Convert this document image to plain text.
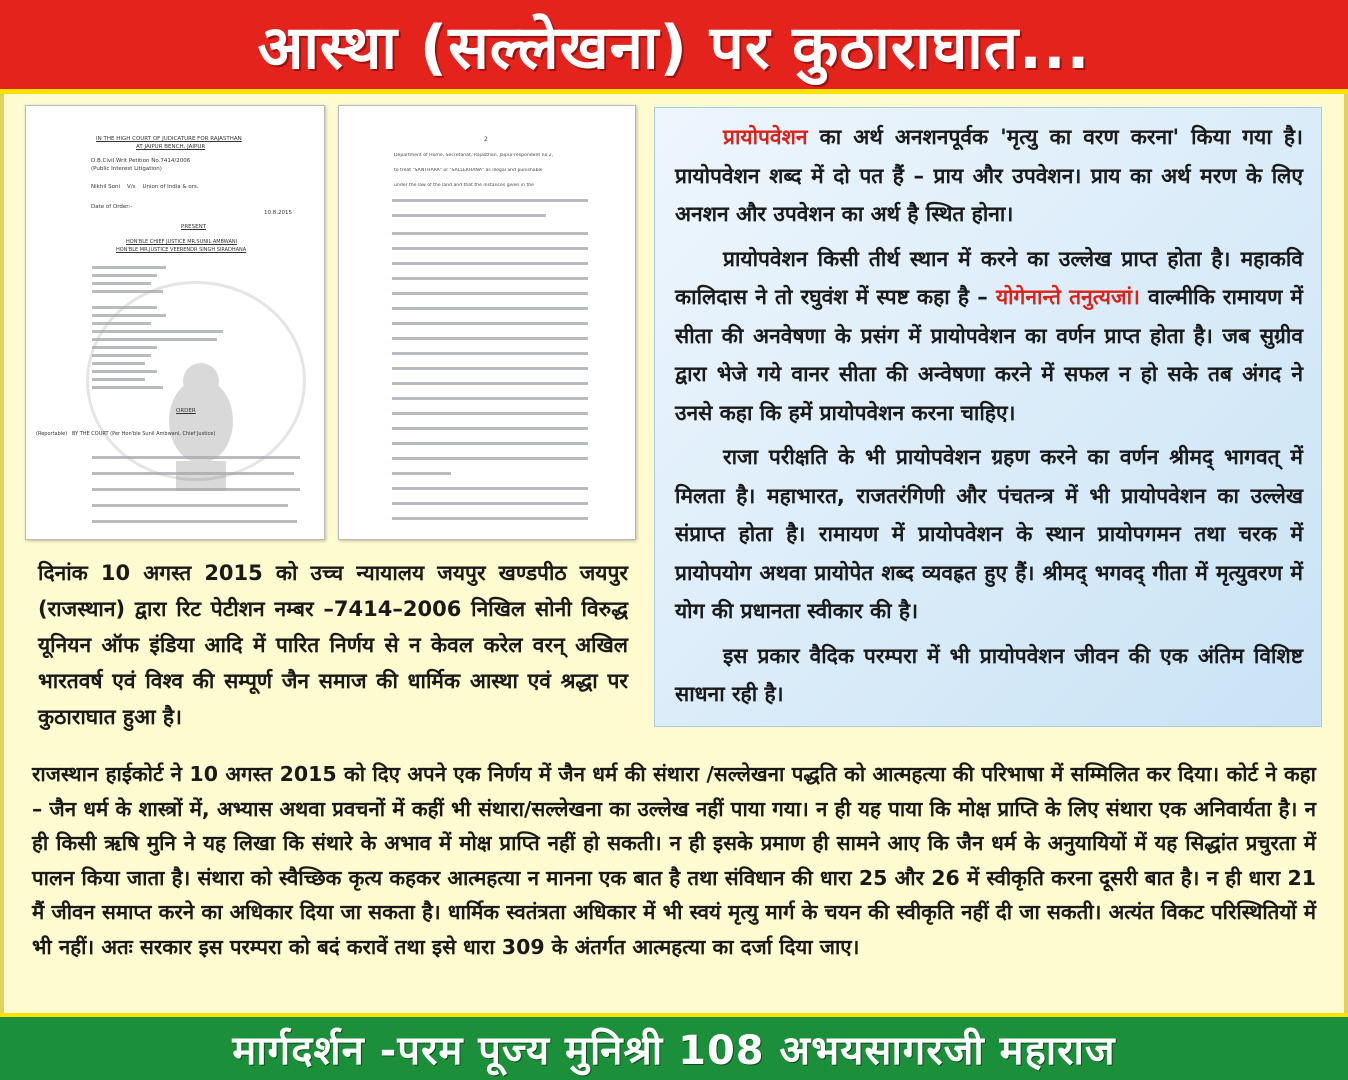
आस्था (सल्लेखना) पर कुठाराघात...
IN THE HIGH COURT OF JUDICATURE FOR RAJASTHAN
AT JAIPUR BENCH, JAIPUR
D.B.Civil Writ Petition No.7414/2006
(Public Interest Litigation)
Nikhil Soni    V/s    Union of India & ors.
Date of Order:-
10.8.2015
PRESENT
HON'BLE CHIEF JUSTICE MR.SUNIL AMBWANI
HON'BLE MR.JUSTICE VEERENDR SINGH SIRADHANA
ORDER
(Reportable)   BY THE COURT (Per Hon'ble Sunil Ambwani, Chief Justice)
2
Department of Home, Secretariat, Rajasthan, Jaipur-respondent no.2,
to treat "SANTHARA" or "SALLEKHANA" as illegal and punishable
under the law of the land and that the instances given in the

दिनांक 10 अगस्त 2015 को उच्च न्यायालय जयपुर खण्डपीठ जयपुर (राजस्थान) द्वारा रिट पेटीशन नम्बर –7414–2006 निखिल सोनी विरुद्ध यूनियन ऑफ इंडिया आदि में पारित निर्णय से न केवल करेल वरन् अखिल भारतवर्ष एवं विश्व की सम्पूर्ण जैन समाज की धार्मिक आस्था एवं श्रद्धा पर कुठाराघात हुआ है।

प्रायोपवेशन का अर्थ अनशनपूर्वक 'मृत्यु का वरण करना' किया गया है। प्रायोपवेशन शब्द में दो पत हैं – प्राय और उपवेशन। प्राय का अर्थ मरण के लिए अनशन और उपवेशन का अर्थ है स्थित होना।

प्रायोपवेशन किसी तीर्थ स्थान में करने का उल्लेख प्राप्त होता है। महाकवि कालिदास ने तो रघुवंश में स्पष्ट कहा है – योगेनान्ते तनुत्यजां। वाल्मीकि रामायण में सीता की अनवेषणा के प्रसंग में प्रायोपवेशन का वर्णन प्राप्त होता है। जब सुग्रीव द्वारा भेजे गये वानर सीता की अन्वेषणा करने में सफल न हो सके तब अंगद ने उनसे कहा कि हमें प्रायोपवेशन करना चाहिए।

राजा परीक्षति के भी प्रायोपवेशन ग्रहण करने का वर्णन श्रीमद् भागवत् में मिलता है। महाभारत, राजतरंगिणी और पंचतन्त्र में भी प्रायोपवेशन का उल्लेख संप्राप्त होता है। रामायण में प्रायोपवेशन के स्थान प्रायोपगमन तथा चरक में प्रायोपयोग अथवा प्रायोपेत शब्द व्यवह्रत हुए हैं। श्रीमद् भगवद् गीता में मृत्युवरण में योग की प्रधानता स्वीकार की है।

इस प्रकार वैदिक परम्परा में भी प्रायोपवेशन जीवन की एक अंतिम विशिष्ट साधना रही है।

राजस्थान हाईकोर्ट ने 10 अगस्त 2015 को दिए अपने एक निर्णय में जैन धर्म की संथारा /सल्लेखना पद्धति को आत्महत्या की परिभाषा में सम्मिलित कर दिया। कोर्ट ने कहा – जैन धर्म के शास्त्रों में, अभ्यास अथवा प्रवचनों में कहीं भी संथारा/सल्लेखना का उल्लेख नहीं पाया गया। न ही यह पाया कि मोक्ष प्राप्ति के लिए संथारा एक अनिवार्यता है। न ही किसी ऋषि मुनि ने यह लिखा कि संथारे के अभाव में मोक्ष प्राप्ति नहीं हो सकती। न ही इसके प्रमाण ही सामने आए कि जैन धर्म के अनुयायियों में यह सिद्धांत प्रचुरता में पालन किया जाता है। संथारा को स्वैच्छिक कृत्य कहकर आत्महत्या न मानना एक बात है तथा संविधान की धारा 25 और 26 में स्वीकृति करना दूसरी बात है। न ही धारा 21 मैं जीवन समाप्त करने का अधिकार दिया जा सकता है। धार्मिक स्वतंत्रता अधिकार में भी स्वयं मृत्यु मार्ग के चयन की स्वीकृति नहीं दी जा सकती। अत्यंत विकट परिस्थितियों में भी नहीं। अतः सरकार इस परम्परा को बदं करावें तथा इसे धारा 309 के अंतर्गत आत्महत्या का दर्जा दिया जाए।

मार्गदर्शन -परम पूज्य मुनिश्री 108 अभयसागरजी महाराज
